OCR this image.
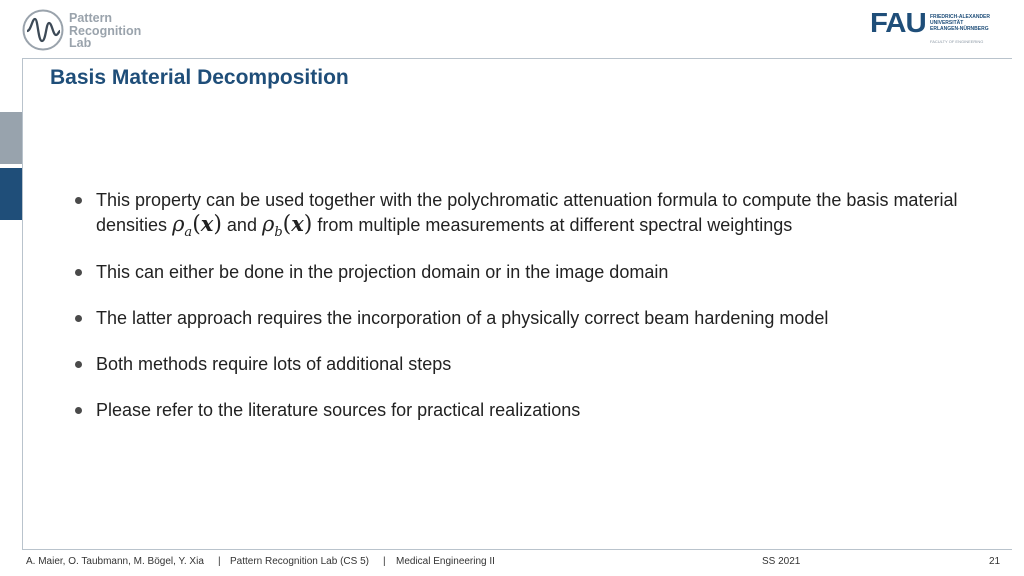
Pattern
Recognition
Lab
FAU FRIEDRICH-ALEXANDER
UNIVERSITÄT
ERLANGEN-NÜRNBERG
FACULTY OF ENGINEERING
Basis Material Decomposition
This property can be used together with the polychromatic attenuation formula to compute the basis material densities $\rho_a(x)$ and $\rho_b(x)$ from multiple measurements at different spectral weightings
This can either be done in the projection domain or in the image domain
The latter approach requires the incorporation of a physically correct beam hardening model
Both methods require lots of additional steps
Please refer to the literature sources for practical realizations
A. Maier, O. Taubmann, M. Bögel, Y. Xia | Pattern Recognition Lab (CS 5) | Medical Engineering II	SS 2021	21
